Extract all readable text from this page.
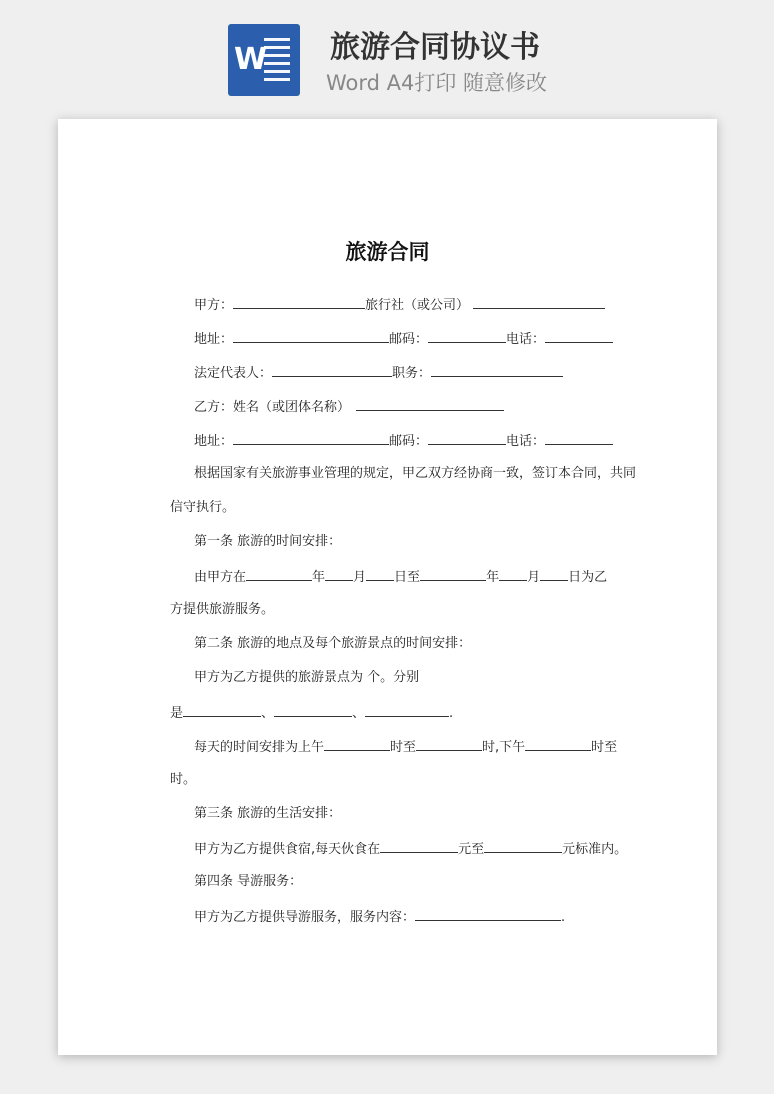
W 旅游合同协议书
Word A4打印 随意修改

旅游合同
甲方：	旅行社（或公司）
地址：	邮码：	电话：
法定代表人：	职务：
乙方：姓名（或团体名称）
地址：	邮码：	电话：
根据国家有关旅游事业管理的规定，甲乙双方经协商一致，签订本合同，共同
信守执行。
第一条 旅游的时间安排：
由甲方在	年 月 日至	年 月 日为乙
方提供旅游服务。
第二条 旅游的地点及每个旅游景点的时间安排：
甲方为乙方提供的旅游景点为 个。分别
是	、	、	.
每天的时间安排为上午	时至	时,下午	时至
时。
第三条 旅游的生活安排：
甲方为乙方提供食宿,每天伙食在	元至	元标准内。
第四条 导游服务：
甲方为乙方提供导游服务，服务内容：	.
